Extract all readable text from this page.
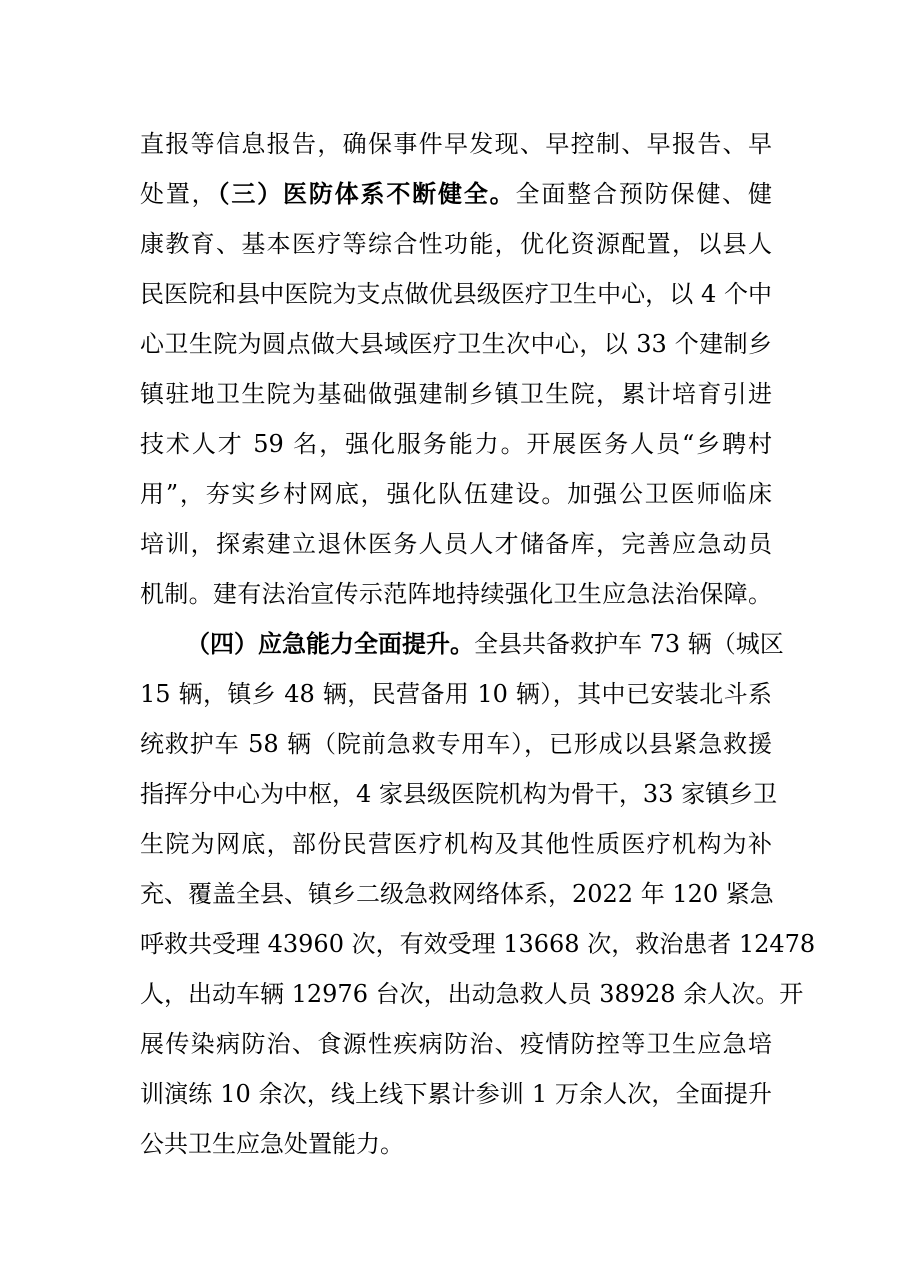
直报等信息报告，确保事件早发现、早控制、早报告、早
处置，（三）医防体系不断健全。全面整合预防保健、健
康教育、基本医疗等综合性功能，优化资源配置，以县人
民医院和县中医院为支点做优县级医疗卫生中心，以 4 个中
心卫生院为圆点做大县域医疗卫生次中心，以 33 个建制乡
镇驻地卫生院为基础做强建制乡镇卫生院，累计培育引进
技术人才 59 名，强化服务能力。开展医务人员“乡聘村
用”，夯实乡村网底，强化队伍建设。加强公卫医师临床
培训，探索建立退休医务人员人才储备库，完善应急动员
机制。建有法治宣传示范阵地持续强化卫生应急法治保障。
（四）应急能力全面提升。全县共备救护车 73 辆（城区
15 辆，镇乡 48 辆，民营备用 10 辆），其中已安装北斗系
统救护车 58 辆（院前急救专用车），已形成以县紧急救援
指挥分中心为中枢，4 家县级医院机构为骨干，33 家镇乡卫
生院为网底，部份民营医疗机构及其他性质医疗机构为补
充、覆盖全县、镇乡二级急救网络体系，2022 年 120 紧急
呼救共受理 43960 次，有效受理 13668 次，救治患者 12478
人，出动车辆 12976 台次，出动急救人员 38928 余人次。开
展传染病防治、食源性疾病防治、疫情防控等卫生应急培
训演练 10 余次，线上线下累计参训 1 万余人次，全面提升
公共卫生应急处置能力。
